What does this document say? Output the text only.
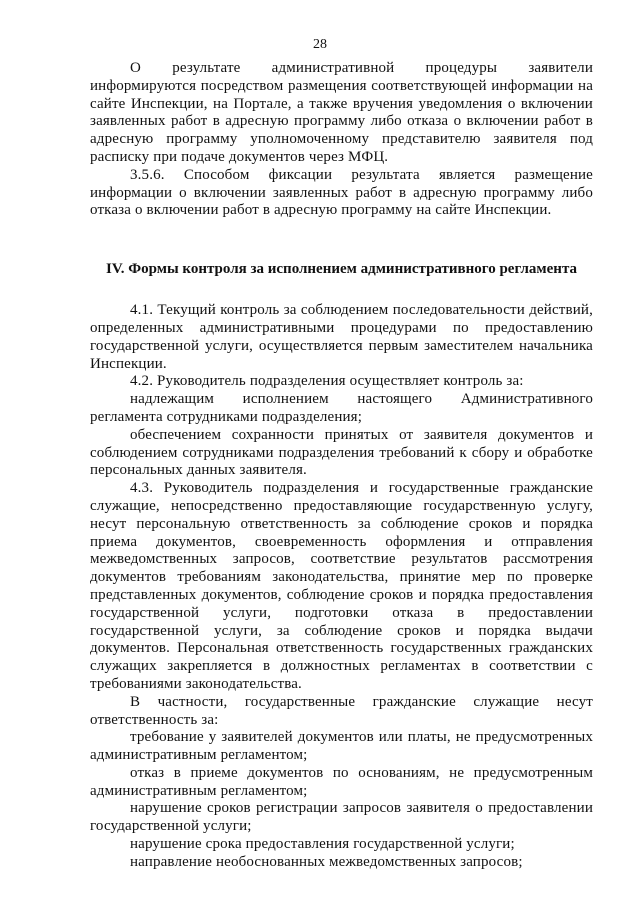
28

О результате административной процедуры заявители информируются посредством размещения соответствующей информации на сайте Инспекции, на Портале, а также вручения уведомления о включении заявленных работ в адресную программу либо отказа о включении работ в адресную программу уполномоченному представителю заявителя под расписку при подаче документов через МФЦ.

3.5.6. Способом фиксации результата является размещение информации о включении заявленных работ в адресную программу либо отказа о включении работ в адресную программу на сайте Инспекции.

IV. Формы контроля за исполнением административного регламента

4.1. Текущий контроль за соблюдением последовательности действий, определенных административными процедурами по предоставлению государственной услуги, осуществляется первым заместителем начальника Инспекции.

4.2. Руководитель подразделения осуществляет контроль за:

надлежащим исполнением настоящего Административного регламента сотрудниками подразделения;

обеспечением сохранности принятых от заявителя документов и соблюдением сотрудниками подразделения требований к сбору и обработке персональных данных заявителя.

4.3. Руководитель подразделения и государственные гражданские служащие, непосредственно предоставляющие государственную услугу, несут персональную ответственность за соблюдение сроков и порядка приема документов, своевременность оформления и отправления межведомственных запросов, соответствие результатов рассмотрения документов требованиям законодательства, принятие мер по проверке представленных документов, соблюдение сроков и порядка предоставления государственной услуги, подготовки отказа в предоставлении государственной услуги, за соблюдение сроков и порядка выдачи документов. Персональная ответственность государственных гражданских служащих закрепляется в должностных регламентах в соответствии с требованиями законодательства.

В частности, государственные гражданские служащие несут ответственность за:

требование у заявителей документов или платы, не предусмотренных административным регламентом;

отказ в приеме документов по основаниям, не предусмотренным административным регламентом;

нарушение сроков регистрации запросов заявителя о предоставлении государственной услуги;

нарушение срока предоставления государственной услуги;

направление необоснованных межведомственных запросов;
